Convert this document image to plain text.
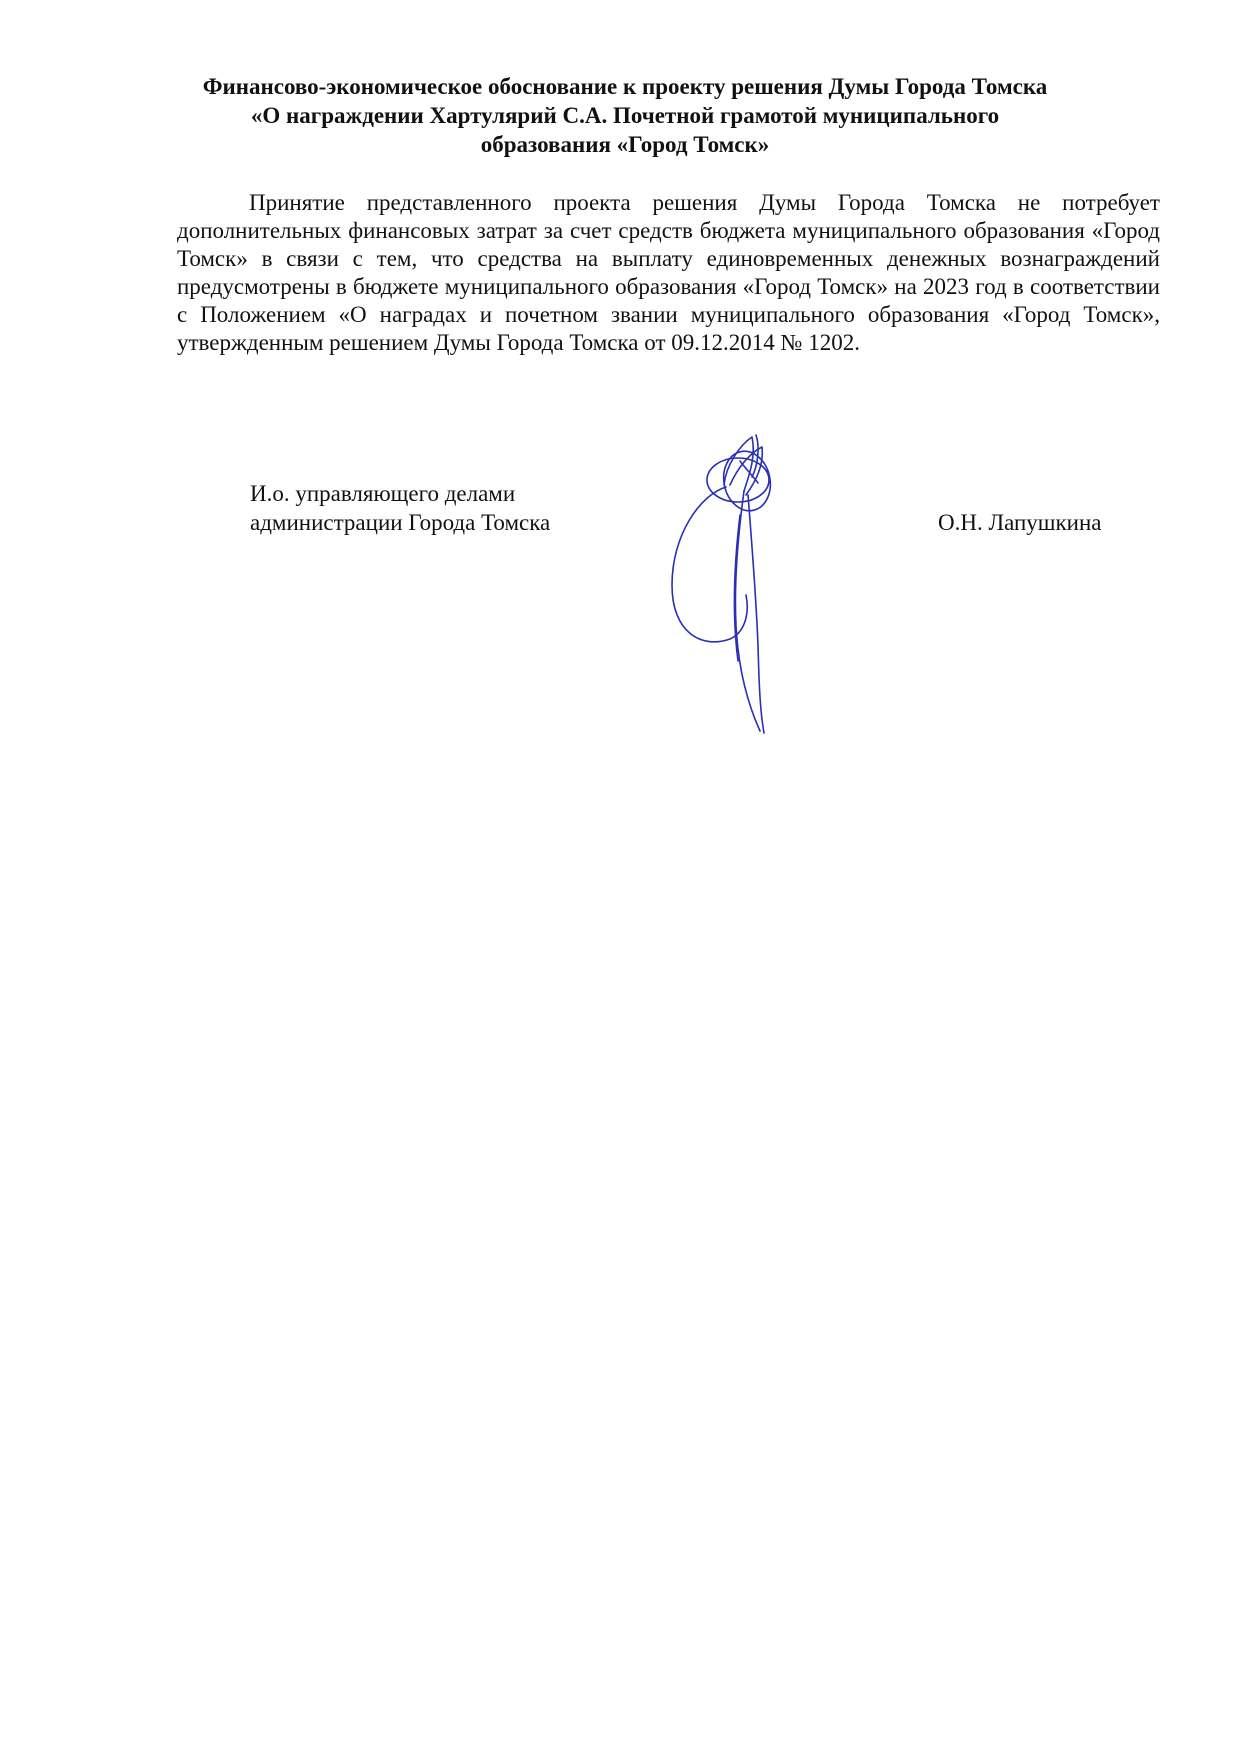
Финансово-экономическое обоснование к проекту решения Думы Города Томска
«О награждении Хартулярий С.А. Почетной грамотой муниципального
образования «Город Томск»

Принятие представленного проекта решения Думы Города Томска не потребует дополнительных финансовых затрат за счет средств бюджета муниципального образования «Город Томск» в связи с тем, что средства на выплату единовременных денежных вознаграждений предусмотрены в бюджете муниципального образования «Город Томск» на 2023 год в соответствии с Положением «О наградах и почетном звании муниципального образования «Город Томск», утвержденным решением Думы Города Томска от 09.12.2014 № 1202.

И.о. управляющего делами
администрации Города Томска	О.Н. Лапушкина
